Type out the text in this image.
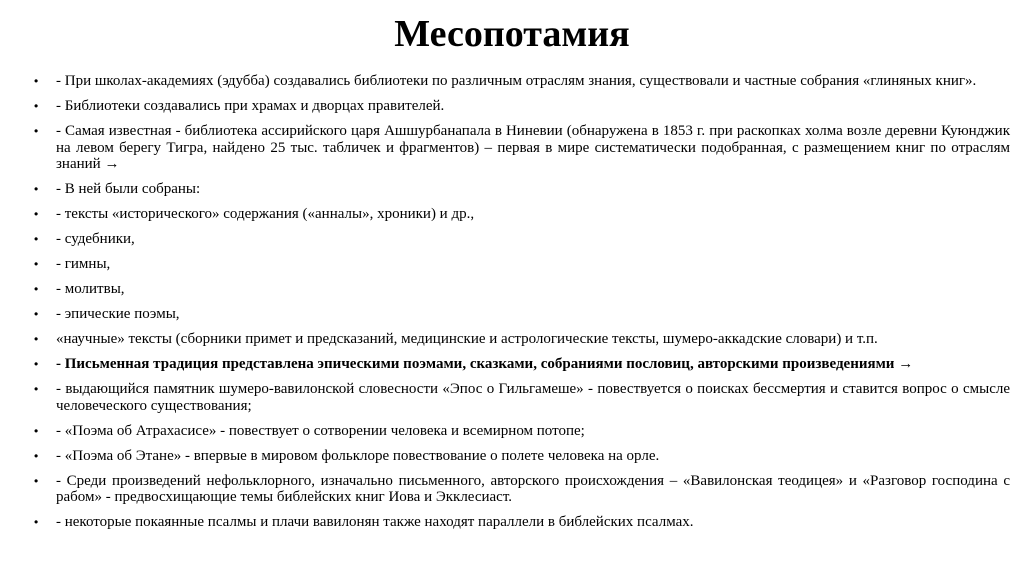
Месопотамия
•	- При школах-академиях (эдубба) создавались библиотеки по различным отраслям знания, существовали и частные собрания «глиняных книг».
•	- Библиотеки создавались при храмах и дворцах правителей.
•	- Самая известная - библиотека ассирийского царя Ашшурбанапала в Ниневии (обнаружена в 1853 г. при раскопках холма возле деревни Куюнджик на левом берегу Тигра, найдено 25 тыс. табличек и фрагментов) – первая в мире систематически подобранная, с размещением книг по отраслям знаний →
•	- В ней были собраны:
•	- тексты «исторического» содержания («анналы», хроники) и др.,
•	- судебники,
•	- гимны,
•	- молитвы,
•	- эпические поэмы,
•	«научные» тексты (сборники примет и предсказаний, медицинские и астрологические тексты, шумеро-аккадские словари) и т.п.
•	- Письменная традиция представлена эпическими поэмами, сказками, собраниями пословиц, авторскими произведениями →
•	- выдающийся памятник шумеро-вавилонской словесности «Эпос о Гильгамеше» - повествуется о поисках бессмертия и ставится вопрос о смысле человеческого существования;
•	- «Поэма об Атрахасисе» - повествует о сотворении человека и всемирном потопе;
•	- «Поэма об Этане» - впервые в мировом фольклоре повествование о полете человека на орле.
•	- Среди произведений нефольклорного, изначально письменного, авторского происхождения – «Вавилонская теодицея» и «Разговор господина с рабом» - предвосхищающие темы библейских книг Иова и Экклесиаст.
•	- некоторые покаянные псалмы и плачи вавилонян также находят параллели в библейских псалмах.
